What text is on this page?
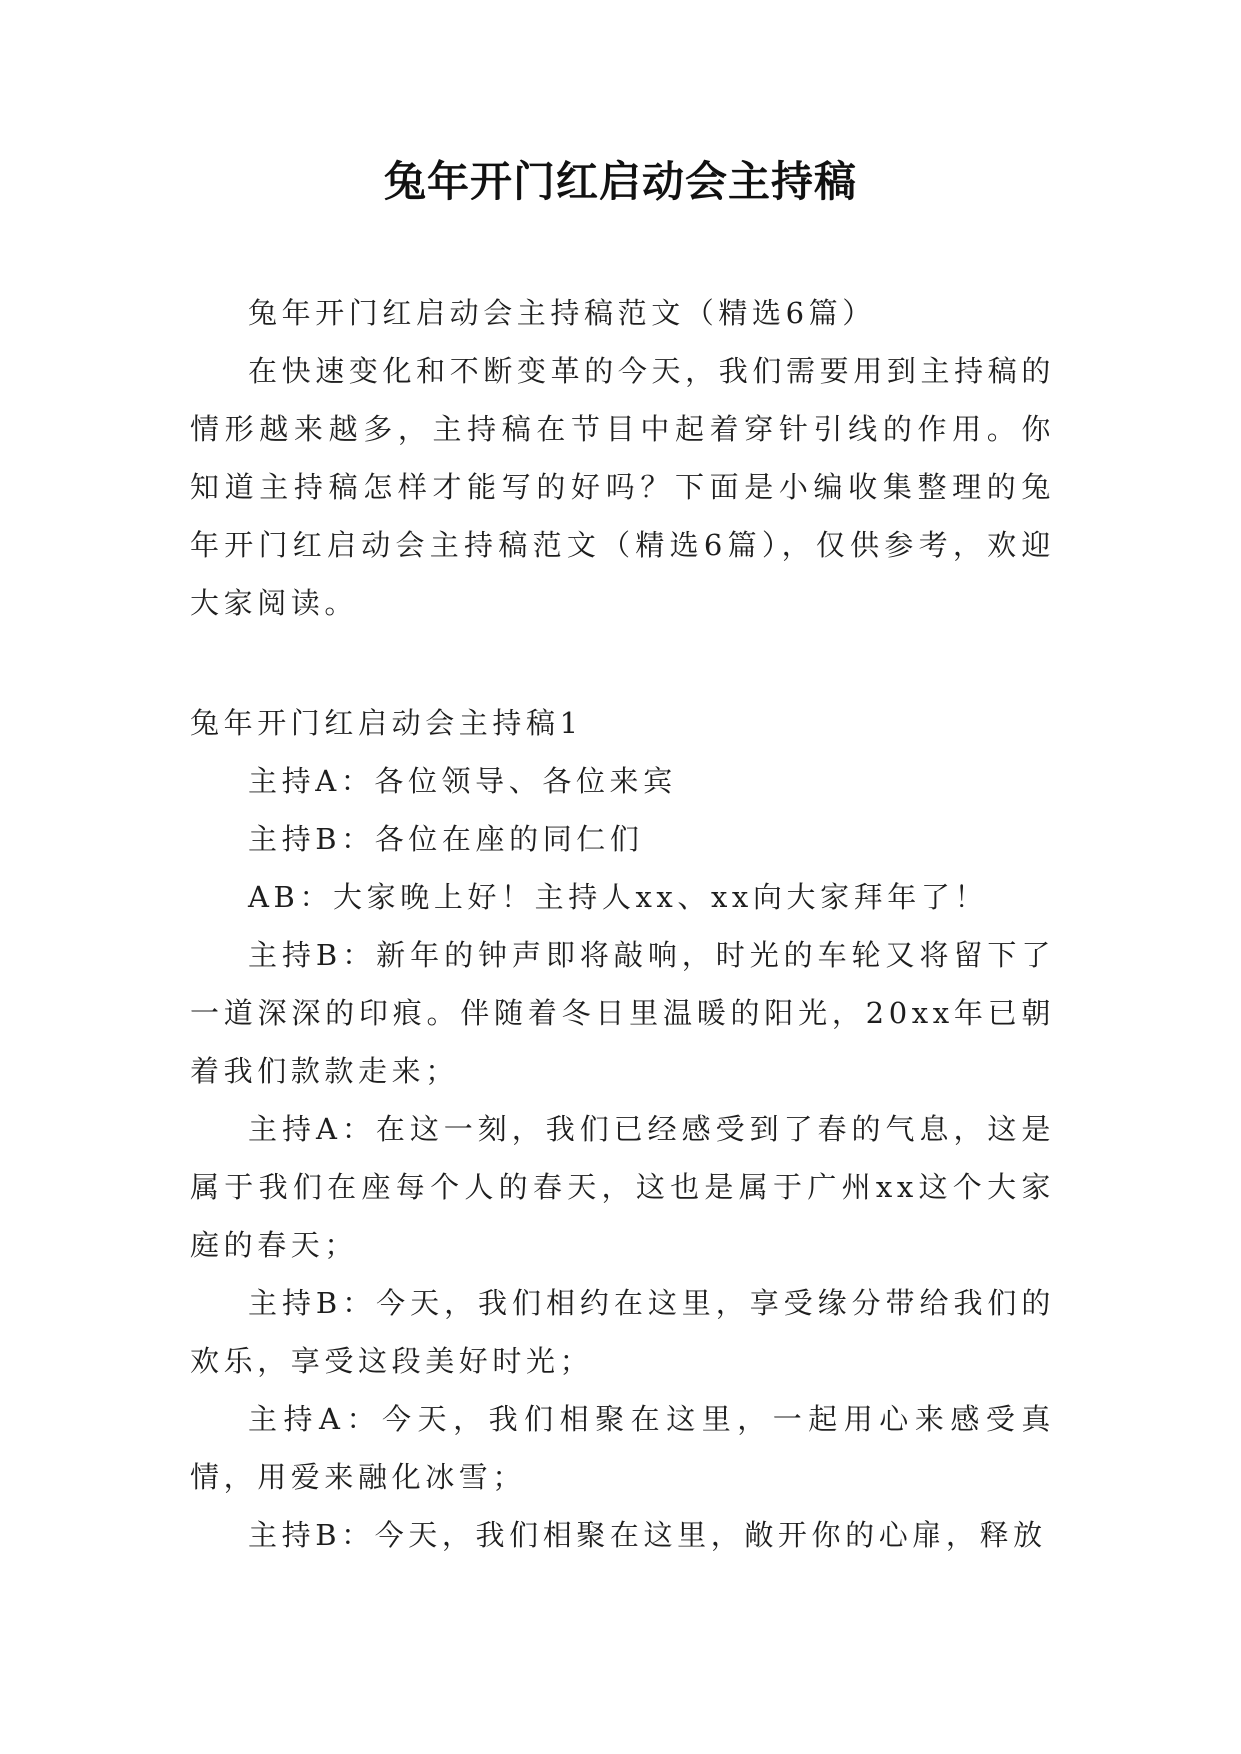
兔年开门红启动会主持稿

兔年开门红启动会主持稿范文（精选6篇）

在快速变化和不断变革的今天，我们需要用到主持稿的情形越来越多，主持稿在节目中起着穿针引线的作用。你知道主持稿怎样才能写的好吗？下面是小编收集整理的兔年开门红启动会主持稿范文（精选6篇），仅供参考，欢迎大家阅读。

兔年开门红启动会主持稿1

主持A：各位领导、各位来宾

主持B：各位在座的同仁们

AB：大家晚上好！主持人xx、xx向大家拜年了！

主持B：新年的钟声即将敲响，时光的车轮又将留下了一道深深的印痕。伴随着冬日里温暖的阳光，20xx年已朝着我们款款走来；

主持A：在这一刻，我们已经感受到了春的气息，这是属于我们在座每个人的春天，这也是属于广州xx这个大家庭的春天；

主持B：今天，我们相约在这里，享受缘分带给我们的欢乐，享受这段美好时光；

主持A：今天，我们相聚在这里，一起用心来感受真情，用爱来融化冰雪；

主持B：今天，我们相聚在这里，敞开你的心扉，释放
